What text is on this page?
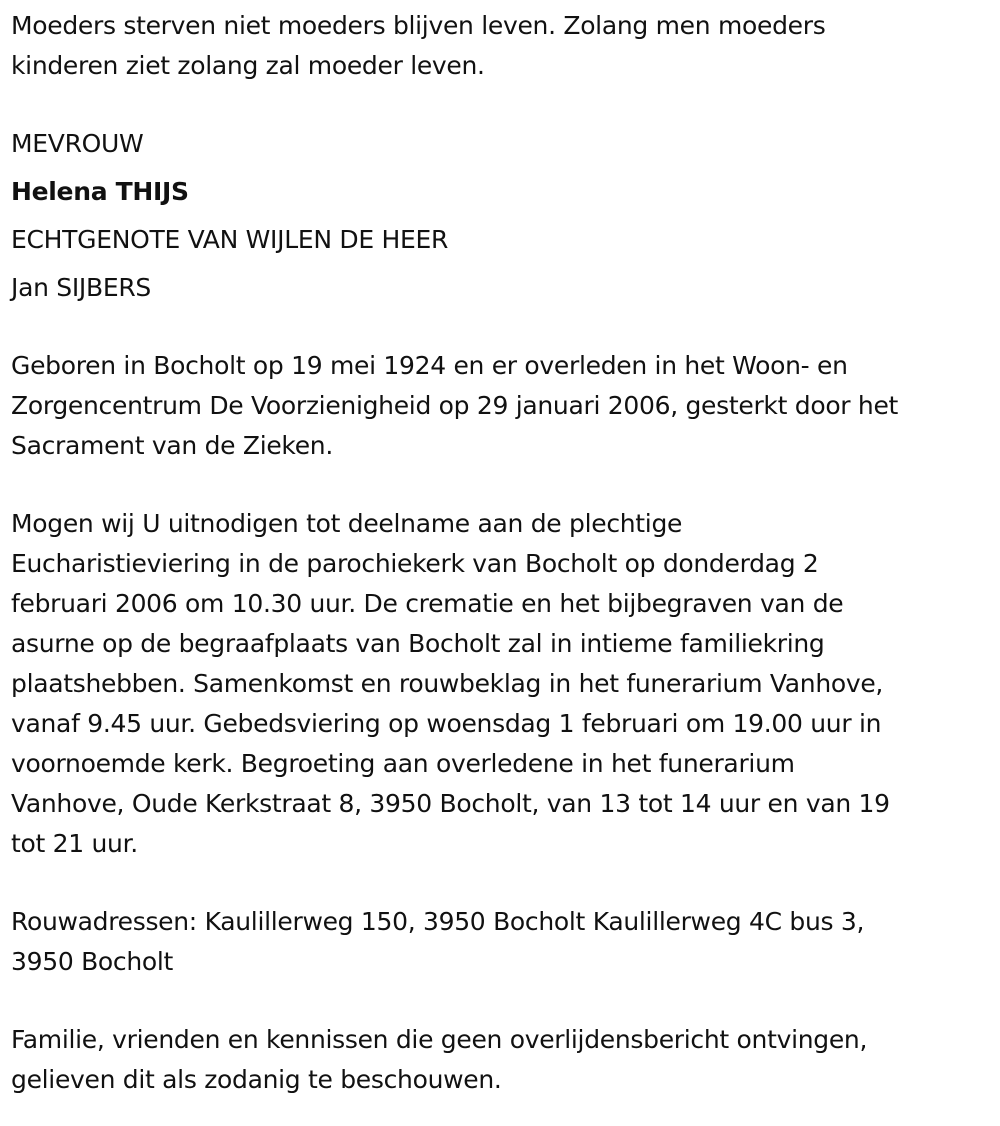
Moeders sterven niet moeders blijven leven. Zolang men moeders
kinderen ziet zolang zal moeder leven.
MEVROUW
Helena THIJS
ECHTGENOTE VAN WIJLEN DE HEER
Jan SIJBERS
Geboren in Bocholt op 19 mei 1924 en er overleden in het Woon- en
Zorgencentrum De Voorzienigheid op 29 januari 2006, gesterkt door het
Sacrament van de Zieken.
Mogen wij U uitnodigen tot deelname aan de plechtige
Eucharistieviering in de parochiekerk van Bocholt op donderdag 2
februari 2006 om 10.30 uur. De crematie en het bijbegraven van de
asurne op de begraafplaats van Bocholt zal in intieme familiekring
plaatshebben. Samenkomst en rouwbeklag in het funerarium Vanhove,
vanaf 9.45 uur. Gebedsviering op woensdag 1 februari om 19.00 uur in
voornoemde kerk. Begroeting aan overledene in het funerarium
Vanhove, Oude Kerkstraat 8, 3950 Bocholt, van 13 tot 14 uur en van 19
tot 21 uur.
Rouwadressen: Kaulillerweg 150, 3950 Bocholt Kaulillerweg 4C bus 3,
3950 Bocholt
Familie, vrienden en kennissen die geen overlijdensbericht ontvingen,
gelieven dit als zodanig te beschouwen.
